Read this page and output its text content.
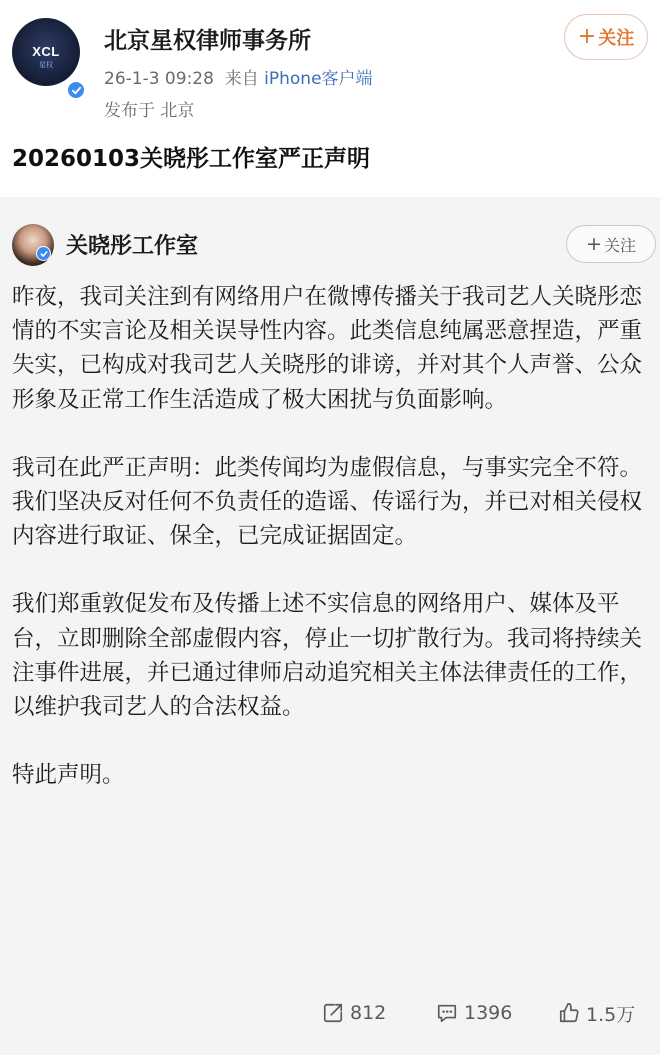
XCL
星权
北京星权律师事务所
26-1-3 09:28 来自 iPhone客户端
发布于 北京
+ 关注
20260103关晓彤工作室严正声明
关晓彤工作室	+ 关注

昨夜，我司关注到有网络用户在微博传播关于我司艺人关晓彤恋情的不实言论及相关误导性内容。此类信息纯属恶意捏造，严重失实，已构成对我司艺人关晓彤的诽谤，并对其个人声誉、公众形象及正常工作生活造成了极大困扰与负面影响。

我司在此严正声明：此类传闻均为虚假信息，与事实完全不符。我们坚决反对任何不负责任的造谣、传谣行为，并已对相关侵权内容进行取证、保全，已完成证据固定。

我们郑重敦促发布及传播上述不实信息的网络用户、媒体及平台，立即删除全部虚假内容，停止一切扩散行为。我司将持续关注事件进展，并已通过律师启动追究相关主体法律责任的工作，以维护我司艺人的合法权益。

特此声明。

812	1396	1.5万
